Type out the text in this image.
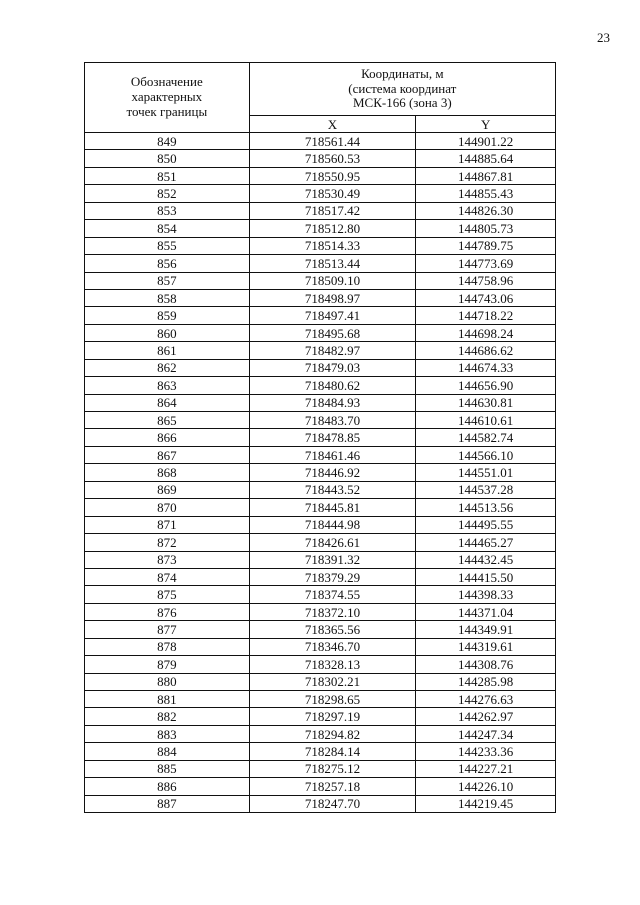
23
Обозначение
характерных
точек границы	Координаты, м
(система координат
МСК-166 (зона 3)	

	X	Y
849	718561.44	144901.22
850	718560.53	144885.64
851	718550.95	144867.81
852	718530.49	144855.43
853	718517.42	144826.30
854	718512.80	144805.73
855	718514.33	144789.75
856	718513.44	144773.69
857	718509.10	144758.96
858	718498.97	144743.06
859	718497.41	144718.22
860	718495.68	144698.24
861	718482.97	144686.62
862	718479.03	144674.33
863	718480.62	144656.90
864	718484.93	144630.81
865	718483.70	144610.61
866	718478.85	144582.74
867	718461.46	144566.10
868	718446.92	144551.01
869	718443.52	144537.28
870	718445.81	144513.56
871	718444.98	144495.55
872	718426.61	144465.27
873	718391.32	144432.45
874	718379.29	144415.50
875	718374.55	144398.33
876	718372.10	144371.04
877	718365.56	144349.91
878	718346.70	144319.61
879	718328.13	144308.76
880	718302.21	144285.98
881	718298.65	144276.63
882	718297.19	144262.97
883	718294.82	144247.34
884	718284.14	144233.36
885	718275.12	144227.21
886	718257.18	144226.10
887	718247.70	144219.45
